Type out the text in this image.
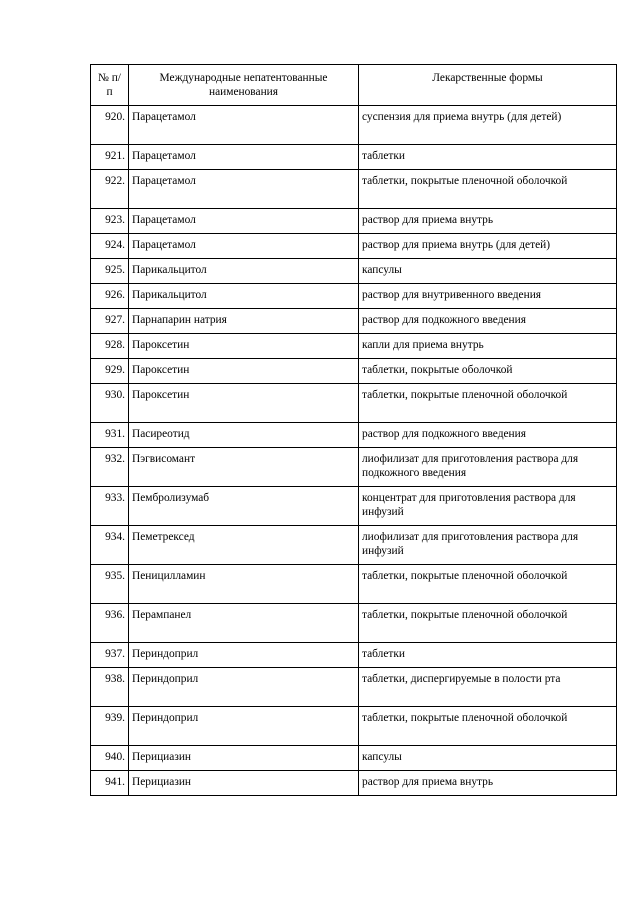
№ п/п	Международные непатентованные наименования	Лекарственные формы
920.	Парацетамол	суспензия для приема внутрь (для детей)
921.	Парацетамол	таблетки
922.	Парацетамол	таблетки, покрытые пленочной оболочкой
923.	Парацетамол	раствор для приема внутрь
924.	Парацетамол	раствор для приема внутрь (для детей)
925.	Парикальцитол	капсулы
926.	Парикальцитол	раствор для внутривенного введения
927.	Парнапарин натрия	раствор для подкожного введения
928.	Пароксетин	капли для приема внутрь
929.	Пароксетин	таблетки, покрытые оболочкой
930.	Пароксетин	таблетки, покрытые пленочной оболочкой
931.	Пасиреотид	раствор для подкожного введения
932.	Пэгвисомант	лиофилизат для приготовления раствора для подкожного введения
933.	Пембролизумаб	концентрат для приготовления раствора для инфузий
934.	Пеметрексед	лиофилизат для приготовления раствора для инфузий
935.	Пеницилламин	таблетки, покрытые пленочной оболочкой
936.	Перампанел	таблетки, покрытые пленочной оболочкой
937.	Периндоприл	таблетки
938.	Периндоприл	таблетки, диспергируемые в полости рта
939.	Периндоприл	таблетки, покрытые пленочной оболочкой
940.	Перициазин	капсулы
941.	Перициазин	раствор для приема внутрь
